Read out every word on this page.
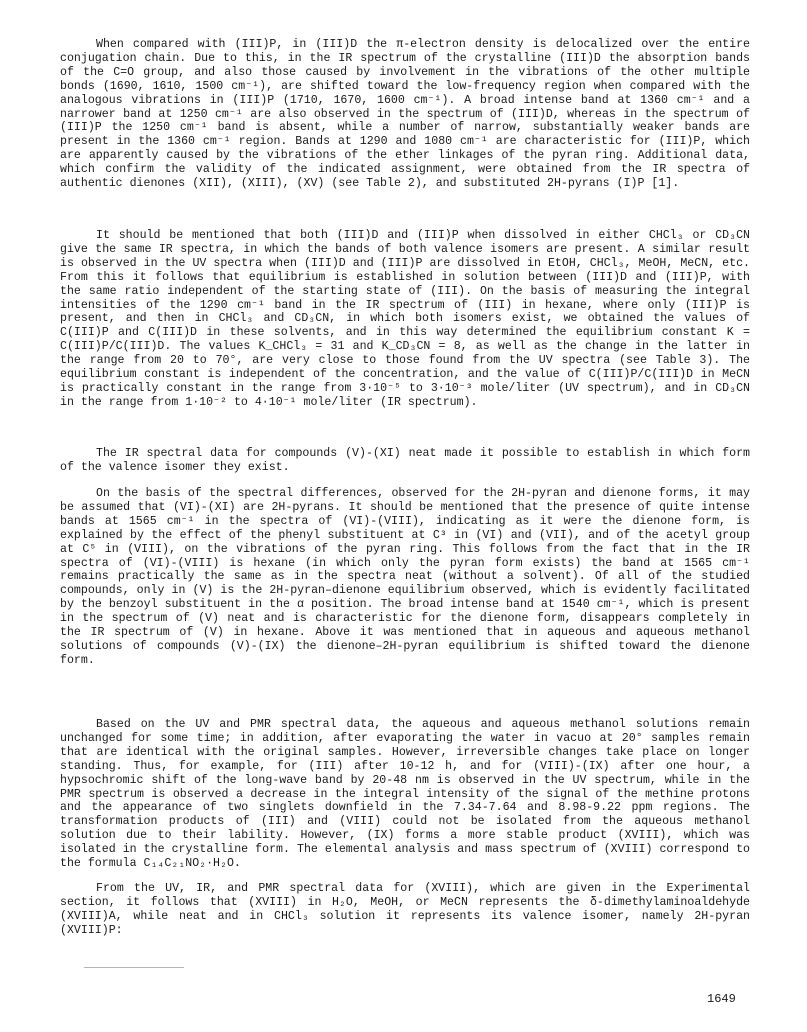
When compared with (III)P, in (III)D the π-electron density is delocalized over the entire conjugation chain. Due to this, in the IR spectrum of the crystalline (III)D the absorption bands of the C=O group, and also those caused by involvement in the vibrations of the other multiple bonds (1690, 1610, 1500 cm⁻¹), are shifted toward the low-frequency region when compared with the analogous vibrations in (III)P (1710, 1670, 1600 cm⁻¹). A broad intense band at 1360 cm⁻¹ and a narrower band at 1250 cm⁻¹ are also observed in the spectrum of (III)D, whereas in the spectrum of (III)P the 1250 cm⁻¹ band is absent, while a number of narrow, substantially weaker bands are present in the 1360 cm⁻¹ region. Bands at 1290 and 1080 cm⁻¹ are characteristic for (III)P, which are apparently caused by the vibrations of the ether linkages of the pyran ring. Additional data, which confirm the validity of the indicated assignment, were obtained from the IR spectra of authentic dienones (XII), (XIII), (XV) (see Table 2), and substituted 2H-pyrans (I)P [1].

It should be mentioned that both (III)D and (III)P when dissolved in either CHCl₃ or CD₃CN give the same IR spectra, in which the bands of both valence isomers are present. A similar result is observed in the UV spectra when (III)D and (III)P are dissolved in EtOH, CHCl₃, MeOH, MeCN, etc. From this it follows that equilibrium is established in solution between (III)D and (III)P, with the same ratio independent of the starting state of (III). On the basis of measuring the integral intensities of the 1290 cm⁻¹ band in the IR spectrum of (III) in hexane, where only (III)P is present, and then in CHCl₃ and CD₃CN, in which both isomers exist, we obtained the values of C(III)P and C(III)D in these solvents, and in this way determined the equilibrium constant K = C(III)P/C(III)D. The values K_CHCl₃ = 31 and K_CD₃CN = 8, as well as the change in the latter in the range from 20 to 70°, are very close to those found from the UV spectra (see Table 3). The equilibrium constant is independent of the concentration, and the value of C(III)P/C(III)D in MeCN is practically constant in the range from 3·10⁻⁵ to 3·10⁻³ mole/liter (UV spectrum), and in CD₃CN in the range from 1·10⁻² to 4·10⁻¹ mole/liter (IR spectrum).

The IR spectral data for compounds (V)-(XI) neat made it possible to establish in which form of the valence isomer they exist.

On the basis of the spectral differences, observed for the 2H-pyran and dienone forms, it may be assumed that (VI)-(XI) are 2H-pyrans. It should be mentioned that the presence of quite intense bands at 1565 cm⁻¹ in the spectra of (VI)-(VIII), indicating as it were the dienone form, is explained by the effect of the phenyl substituent at C³ in (VI) and (VII), and of the acetyl group at C⁵ in (VIII), on the vibrations of the pyran ring. This follows from the fact that in the IR spectra of (VI)-(VIII) is hexane (in which only the pyran form exists) the band at 1565 cm⁻¹ remains practically the same as in the spectra neat (without a solvent). Of all of the studied compounds, only in (V) is the 2H-pyran–dienone equilibrium observed, which is evidently facilitated by the benzoyl substituent in the α position. The broad intense band at 1540 cm⁻¹, which is present in the spectrum of (V) neat and is characteristic for the dienone form, disappears completely in the IR spectrum of (V) in hexane. Above it was mentioned that in aqueous and aqueous methanol solutions of compounds (V)-(IX) the dienone–2H-pyran equilibrium is shifted toward the dienone form.

Based on the UV and PMR spectral data, the aqueous and aqueous methanol solutions remain unchanged for some time; in addition, after evaporating the water in vacuo at 20° samples remain that are identical with the original samples. However, irreversible changes take place on longer standing. Thus, for example, for (III) after 10-12 h, and for (VIII)-(IX) after one hour, a hypsochromic shift of the long-wave band by 20-48 nm is observed in the UV spectrum, while in the PMR spectrum is observed a decrease in the integral intensity of the signal of the methine protons and the appearance of two singlets downfield in the 7.34-7.64 and 8.98-9.22 ppm regions. The transformation products of (III) and (VIII) could not be isolated from the aqueous methanol solution due to their lability. However, (IX) forms a more stable product (XVIII), which was isolated in the crystalline form. The elemental analysis and mass spectrum of (XVIII) correspond to the formula C₁₄C₂₁NO₂·H₂O.

From the UV, IR, and PMR spectral data for (XVIII), which are given in the Experimental section, it follows that (XVIII) in H₂O, MeOH, or MeCN represents the δ-dimethylaminoaldehyde (XVIII)A, while neat and in CHCl₃ solution it represents its valence isomer, namely 2H-pyran (XVIII)P:

1649
